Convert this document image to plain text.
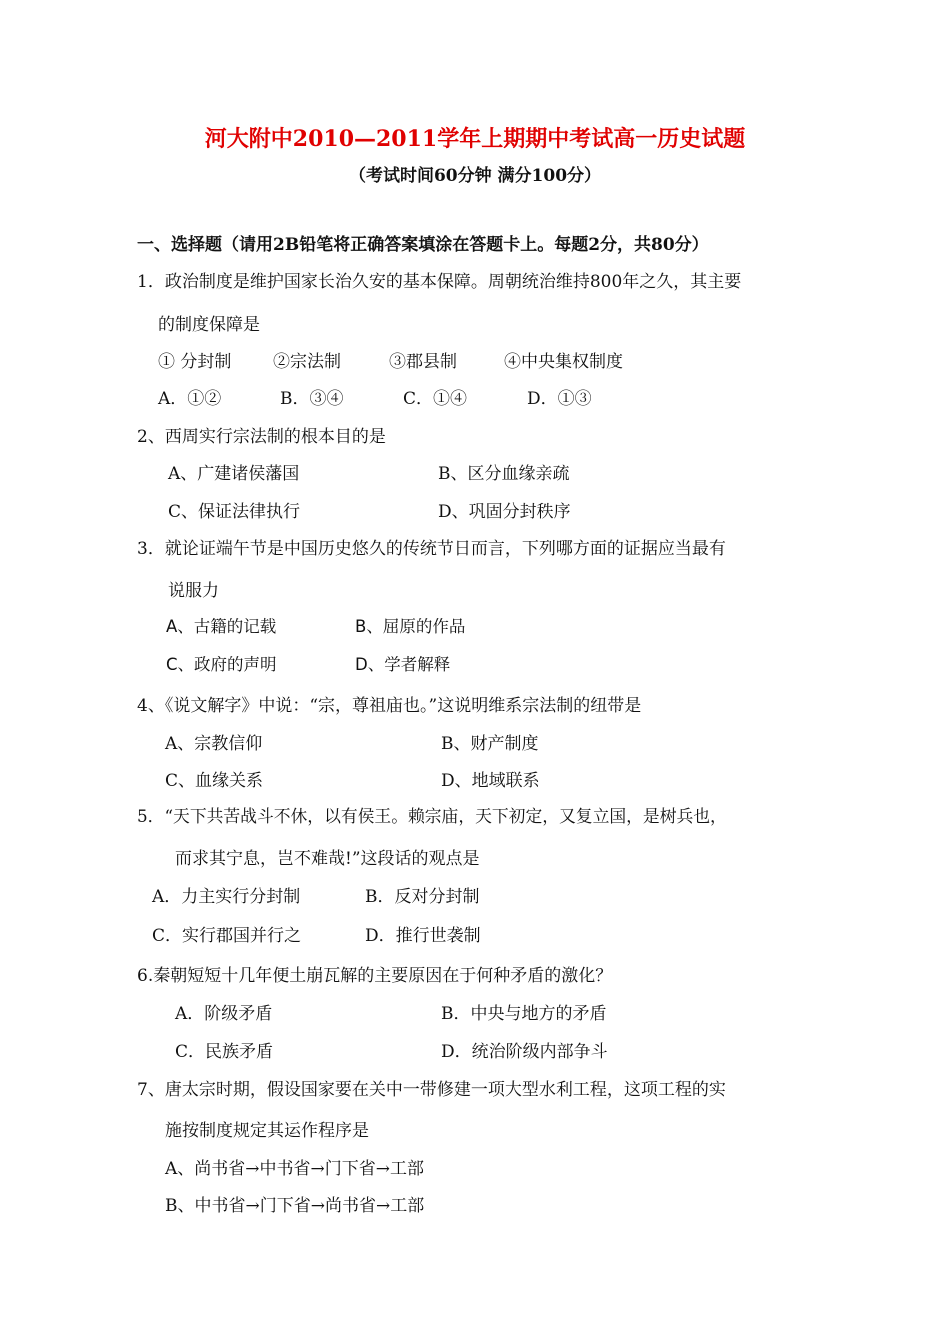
河大附中2010—2011学年上期期中考试高一历史试题
（考试时间60分钟 满分100分）
一、选择题（请用2B铅笔将正确答案填涂在答题卡上。每题2分，共80分）
1．政治制度是维护国家长治久安的基本保障。周朝统治维持800年之久，其主要
的制度保障是
① 分封制 ②宗法制	③郡县制	④中央集权制度
A．①②	B．③④	C．①④	D．①③
2、西周实行宗法制的根本目的是
A、广建诸侯藩国	B、区分血缘亲疏
C、保证法律执行	D、巩固分封秩序
3．就论证端午节是中国历史悠久的传统节日而言，下列哪方面的证据应当最有
说服力
A、古籍的记载	B、屈原的作品
C、政府的声明	D、学者解释
4、《说文解字》中说：“宗，尊祖庙也。”这说明维系宗法制的纽带是
A、宗教信仰	B、财产制度
C、血缘关系	D、地域联系
5．“天下共苦战斗不休，以有侯王。赖宗庙，天下初定，又复立国，是树兵也，
而求其宁息，岂不难哉!”这段话的观点是
A．力主实行分封制	B．反对分封制
C．实行郡国并行之	D．推行世袭制
6.秦朝短短十几年便土崩瓦解的主要原因在于何种矛盾的激化？
A．阶级矛盾	B．中央与地方的矛盾
C．民族矛盾	D．统治阶级内部争斗
7、唐太宗时期，假设国家要在关中一带修建一项大型水利工程，这项工程的实
施按制度规定其运作程序是
A、尚书省→中书省→门下省→工部
B、中书省→门下省→尚书省→工部
